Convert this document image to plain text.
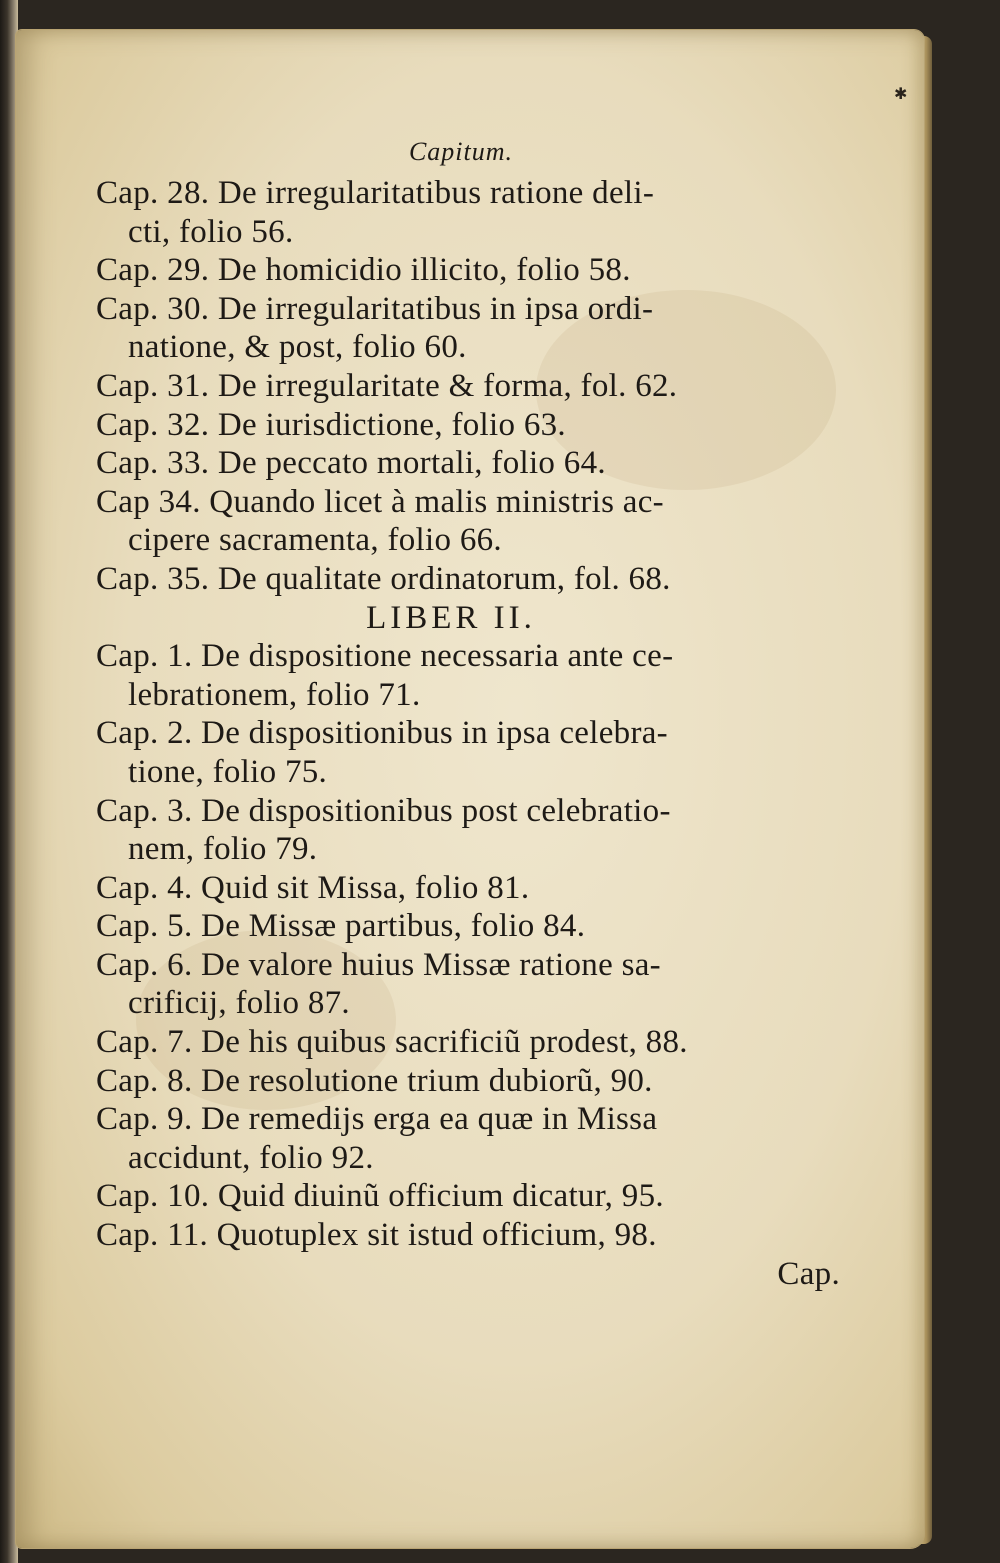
✱
Capitum.
Cap. 28. De irregularitatibus ratione deli-
cti, folio 56.
Cap. 29. De homicidio illicito, folio 58.
Cap. 30. De irregularitatibus in ipsa ordi-
natione, & post, folio 60.
Cap. 31. De irregularitate & forma, fol. 62.
Cap. 32. De iurisdictione, folio 63.
Cap. 33. De peccato mortali, folio 64.
Cap 34. Quando licet à malis ministris ac-
cipere sacramenta, folio 66.
Cap. 35. De qualitate ordinatorum, fol. 68.
LIBER II.
Cap. 1. De dispositione necessaria ante ce-
lebrationem, folio 71.
Cap. 2. De dispositionibus in ipsa celebra-
tione, folio 75.
Cap. 3. De dispositionibus post celebratio-
nem, folio 79.
Cap. 4. Quid sit Missa, folio 81.
Cap. 5. De Missæ partibus, folio 84.
Cap. 6. De valore huius Missæ ratione sa-
crificij, folio 87.
Cap. 7. De his quibus sacrificiũ prodest, 88.
Cap. 8. De resolutione trium dubiorũ, 90.
Cap. 9. De remedijs erga ea quæ in Missa
accidunt, folio 92.
Cap. 10. Quid diuinũ officium dicatur, 95.
Cap. 11. Quotuplex sit istud officium, 98.
Cap.
